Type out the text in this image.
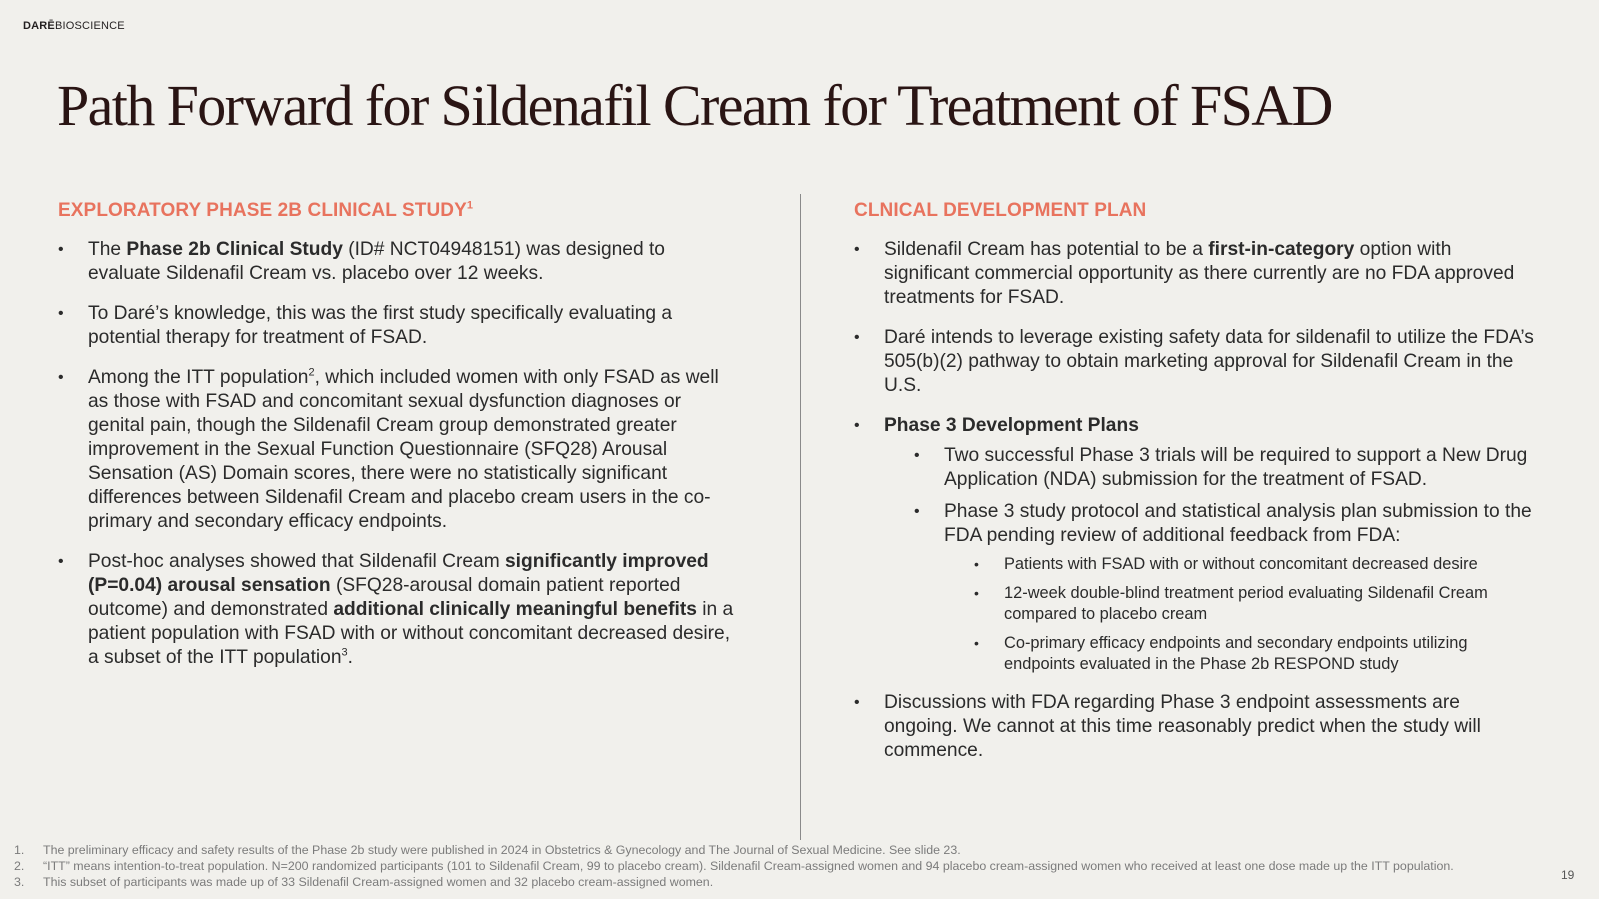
DARĒBIOSCIENCE
Path Forward for Sildenafil Cream for Treatment of FSAD
EXPLORATORY PHASE 2B CLINICAL STUDY$^1$
• The Phase 2b Clinical Study (ID# NCT04948151) was designed to evaluate Sildenafil Cream vs. placebo over 12 weeks.
• To Daré’s knowledge, this was the first study specifically evaluating a potential therapy for treatment of FSAD.
• Among the ITT population$^2$, which included women with only FSAD as well as those with FSAD and concomitant sexual dysfunction diagnoses or genital pain, though the Sildenafil Cream group demonstrated greater improvement in the Sexual Function Questionnaire (SFQ28) Arousal Sensation (AS) Domain scores, there were no statistically significant differences between Sildenafil Cream and placebo cream users in the co-primary and secondary efficacy endpoints.
• Post-hoc analyses showed that Sildenafil Cream significantly improved (P=0.04) arousal sensation (SFQ28-arousal domain patient reported outcome) and demonstrated additional clinically meaningful benefits in a patient population with FSAD with or without concomitant decreased desire, a subset of the ITT population$^3$.
CLNICAL DEVELOPMENT PLAN
• Sildenafil Cream has potential to be a first-in-category option with significant commercial opportunity as there currently are no FDA approved treatments for FSAD.
• Daré intends to leverage existing safety data for sildenafil to utilize the FDA’s 505(b)(2) pathway to obtain marketing approval for Sildenafil Cream in the U.S.
• Phase 3 Development Plans
• Two successful Phase 3 trials will be required to support a New Drug Application (NDA) submission for the treatment of FSAD.
• Phase 3 study protocol and statistical analysis plan submission to the FDA pending review of additional feedback from FDA:
• Patients with FSAD with or without concomitant decreased desire
• 12-week double-blind treatment period evaluating Sildenafil Cream compared to placebo cream
• Co-primary efficacy endpoints and secondary endpoints utilizing endpoints evaluated in the Phase 2b RESPOND study
• Discussions with FDA regarding Phase 3 endpoint assessments are ongoing. We cannot at this time reasonably predict when the study will commence.
1.	The preliminary efficacy and safety results of the Phase 2b study were published in 2024 in Obstetrics & Gynecology and The Journal of Sexual Medicine. See slide 23.
2.	“ITT” means intention-to-treat population. N=200 randomized participants (101 to Sildenafil Cream, 99 to placebo cream). Sildenafil Cream-assigned women and 94 placebo cream-assigned women who received at least one dose made up the ITT population.
3.	This subset of participants was made up of 33 Sildenafil Cream-assigned women and 32 placebo cream-assigned women.	19
